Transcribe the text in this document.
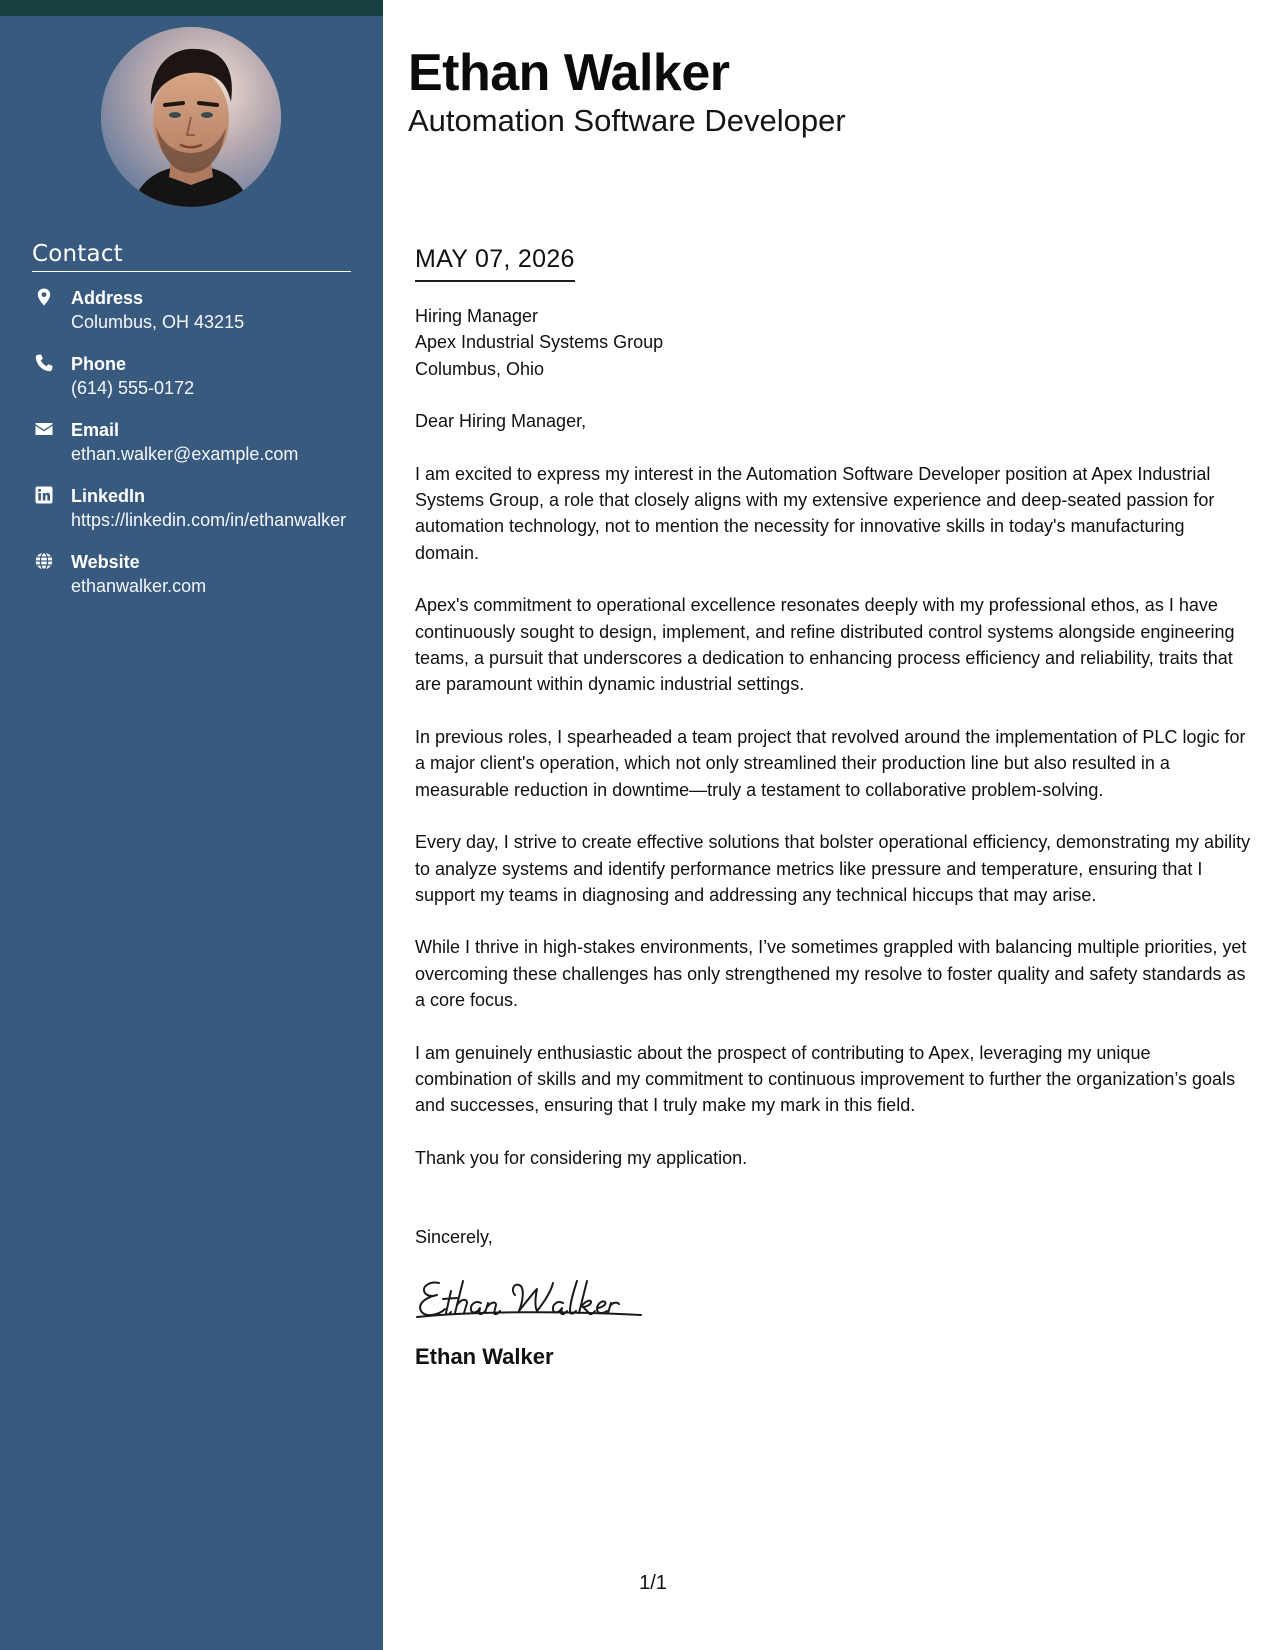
Contact
Address
Columbus, OH 43215
Phone
(614) 555-0172
Email
ethan.walker@example.com
LinkedIn
https://linkedin.com/in/ethanwalker
Website
ethanwalker.com
Ethan Walker
Automation Software Developer
MAY 07, 2026

Hiring Manager

Apex Industrial Systems Group

Columbus, Ohio

Dear Hiring Manager,

I am excited to express my interest in the Automation Software Developer position at Apex Industrial Systems Group, a role that closely aligns with my extensive experience and deep-seated passion for automation technology, not to mention the necessity for innovative skills in today's manufacturing domain.

Apex's commitment to operational excellence resonates deeply with my professional ethos, as I have continuously sought to design, implement, and refine distributed control systems alongside engineering teams, a pursuit that underscores a dedication to enhancing process efficiency and reliability, traits that are paramount within dynamic industrial settings.

In previous roles, I spearheaded a team project that revolved around the implementation of PLC logic for a major client's operation, which not only streamlined their production line but also resulted in a measurable reduction in downtime—truly a testament to collaborative problem-solving.

Every day, I strive to create effective solutions that bolster operational efficiency, demonstrating my ability to analyze systems and identify performance metrics like pressure and temperature, ensuring that I support my teams in diagnosing and addressing any technical hiccups that may arise.

While I thrive in high-stakes environments, I’ve sometimes grappled with balancing multiple priorities, yet overcoming these challenges has only strengthened my resolve to foster quality and safety standards as a core focus.

I am genuinely enthusiastic about the prospect of contributing to Apex, leveraging my unique combination of skills and my commitment to continuous improvement to further the organization’s goals and successes, ensuring that I truly make my mark in this field.

Thank you for considering my application.

Sincerely,

Ethan Walker
1/1
